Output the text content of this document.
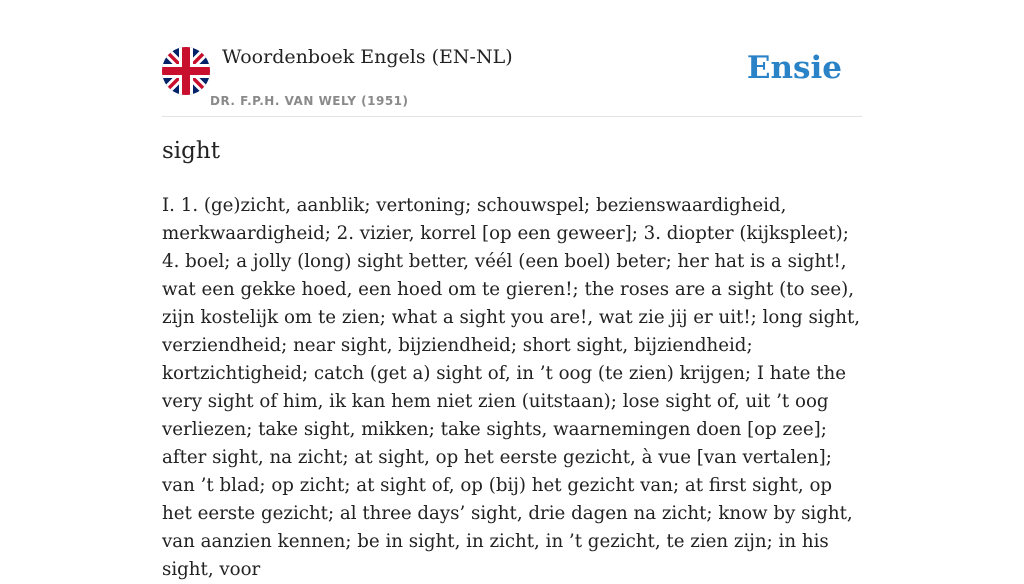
Woordenboek Engels (EN-NL)
DR. F.P.H. VAN WELY (1951)
Ensie
sight

I. 1. (ge)zicht, aanblik; vertoning; schouwspel; bezienswaardigheid, merkwaardigheid; 2. vizier, korrel [op een geweer]; 3. diopter (kijkspleet); 4. boel; a jolly (long) sight better, véél (een boel) beter; her hat is a sight!, wat een gekke hoed, een hoed om te gieren!; the roses are a sight (to see), zijn kostelijk om te zien; what a sight you are!, wat zie jij er uit!; long sight, verziendheid; near sight, bijziendheid; short sight, bijziendheid; kortzichtigheid; catch (get a) sight of, in ’t oog (te zien) krijgen; I hate the very sight of him, ik kan hem niet zien (uitstaan); lose sight of, uit ’t oog verliezen; take sight, mikken; take sights, waarnemingen doen [op zee]; after sight, na zicht; at sight, op het eerste gezicht, à vue [van vertalen]; van ’t blad; op zicht; at sight of, op (bij) het gezicht van; at first sight, op het eerste gezicht; al three days’ sight, drie dagen na zicht; know by sight, van aanzien kennen; be in sight, in zicht, in ’t gezicht, te zien zijn; in his sight, voor
